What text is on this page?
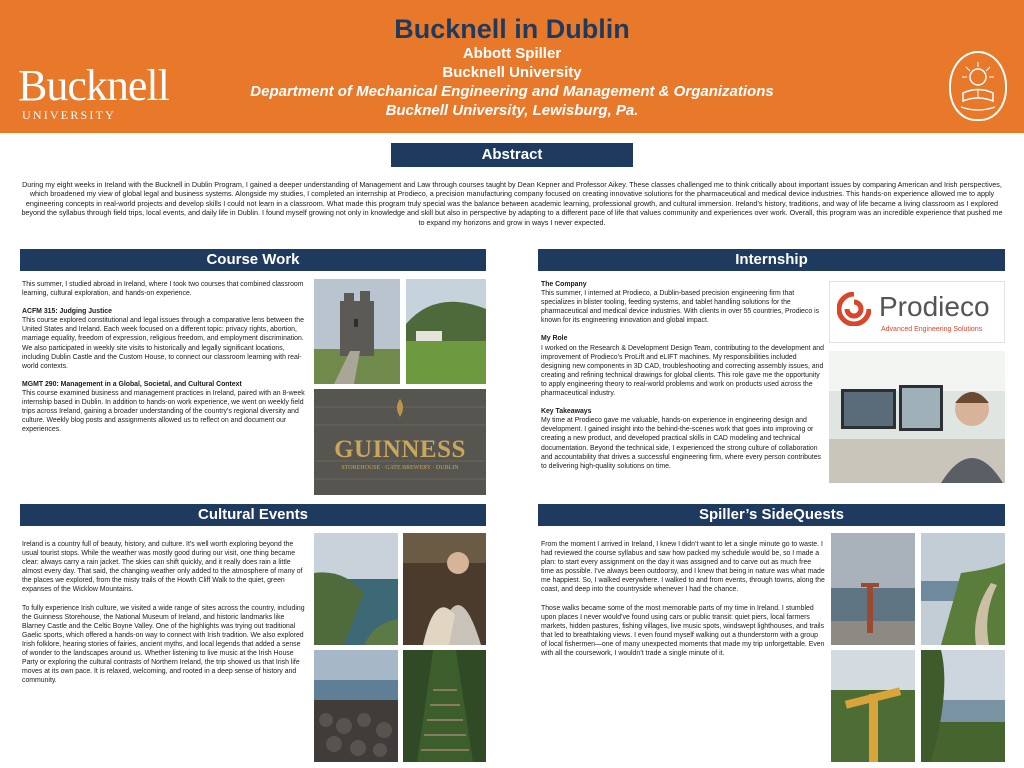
Bucknell
UNIVERSITY
Bucknell in Dublin
Abbott Spiller
Bucknell University
Department of Mechanical Engineering and Management & Organizations
Bucknell University, Lewisburg, Pa.
Abstract
During my eight weeks in Ireland with the Bucknell in Dublin Program, I gained a deeper understanding of Management and Law through courses taught by Dean Kepner and Professor Aikey. These classes challenged me to think critically about important issues by comparing American and Irish perspectives, which broadened my view of global legal and business systems. Alongside my studies, I completed an internship at Prodieco, a precision manufacturing company focused on creating innovative solutions for the pharmaceutical and medical device industries. This hands-on experience allowed me to apply engineering concepts in real-world projects and develop skills I could not learn in a classroom. What made this program truly special was the balance between academic learning, professional growth, and cultural immersion. Ireland’s history, traditions, and way of life became a living classroom as I explored beyond the syllabus through field trips, local events, and daily life in Dublin. I found myself growing not only in knowledge and skill but also in perspective by adapting to a different pace of life that values community and experiences over work. Overall, this program was an incredible experience that pushed me to expand my horizons and grow in ways I never expected.
Course Work

This summer, I studied abroad in Ireland, where I took two courses that combined classroom learning, cultural exploration, and hands-on experience.

ACFM 315: Judging Justice

This course explored constitutional and legal issues through a comparative lens between the United States and Ireland. Each week focused on a different topic: privacy rights, abortion, marriage equality, freedom of expression, religious freedom, and employment discrimination. We also participated in weekly site visits to historically and legally significant locations, including Dublin Castle and the Custom House, to connect our classroom learning with real-world contexts.

MGMT 290: Management in a Global, Societal, and Cultural Context

This course examined business and management practices in Ireland, paired with an 8-week internship based in Dublin. In addition to hands-on work experience, we went on weekly field trips across Ireland, gaining a broader understanding of the country’s regional diversity and culture. Weekly blog posts and assignments allowed us to reflect on and document our experiences.

GUINNESS
STOREHOUSE · GATE BREWERY · DUBLIN
Internship
The Company

This summer, I interned at Prodieco, a Dublin-based precision engineering firm that specializes in blister tooling, feeding systems, and tablet handling solutions for the pharmaceutical and medical device industries. With clients in over 55 countries, Prodieco is known for its engineering innovation and global impact.

My Role

I worked on the Research & Development Design Team, contributing to the development and improvement of Prodieco’s ProLift and eLIFT machines. My responsibilities included designing new components in 3D CAD, troubleshooting and correcting assembly issues, and creating and refining technical drawings for global clients. This role gave me the opportunity to apply engineering theory to real-world problems and work on products used across the pharmaceutical industry.

Key Takeaways

My time at Prodieco gave me valuable, hands-on experience in engineering design and development. I gained insight into the behind-the-scenes work that goes into improving or creating a new product, and developed practical skills in CAD modeling and technical documentation. Beyond the technical side, I experienced the strong culture of collaboration and accountability that drives a successful engineering firm, where every person contributes to delivering high-quality solutions on time.

Prodieco
Advanced Engineering Solutions
Cultural Events

Ireland is a country full of beauty, history, and culture. It’s well worth exploring beyond the usual tourist stops. While the weather was mostly good during our visit, one thing became clear: always carry a rain jacket. The skies can shift quickly, and it really does rain a little almost every day. That said, the changing weather only added to the atmosphere of many of the places we explored, from the misty trails of the Howth Cliff Walk to the quiet, green expanses of the Wicklow Mountains.

To fully experience Irish culture, we visited a wide range of sites across the country, including the Guinness Storehouse, the National Museum of Ireland, and historic landmarks like Blarney Castle and the Celtic Boyne Valley. One of the highlights was trying out traditional Gaelic sports, which offered a hands-on way to connect with Irish tradition. We also explored Irish folklore, hearing stories of fairies, ancient myths, and local legends that added a sense of wonder to the landscapes around us. Whether listening to live music at the Irish House Party or exploring the cultural contrasts of Northern Ireland, the trip showed us that Irish life moves at its own pace. It is relaxed, welcoming, and rooted in a deep sense of history and community.

Spiller’s SideQuests

From the moment I arrived in Ireland, I knew I didn’t want to let a single minute go to waste. I had reviewed the course syllabus and saw how packed my schedule would be, so I made a plan: to start every assignment on the day it was assigned and to carve out as much free time as possible. I’ve always been outdoorsy, and I knew that being in nature was what made me happiest. So, I walked everywhere. I walked to and from events, through towns, along the coast, and deep into the countryside whenever I had the chance.

Those walks became some of the most memorable parts of my time in Ireland. I stumbled upon places I never would’ve found using cars or public transit: quiet piers, local farmers markets, hidden pastures, fishing villages, live music spots, windswept lighthouses, and trails that led to breathtaking views. I even found myself walking out a thunderstorm with a group of local fishermen—one of many unexpected moments that made my trip unforgettable. Even with all the coursework, I wouldn’t trade a single minute of it.
